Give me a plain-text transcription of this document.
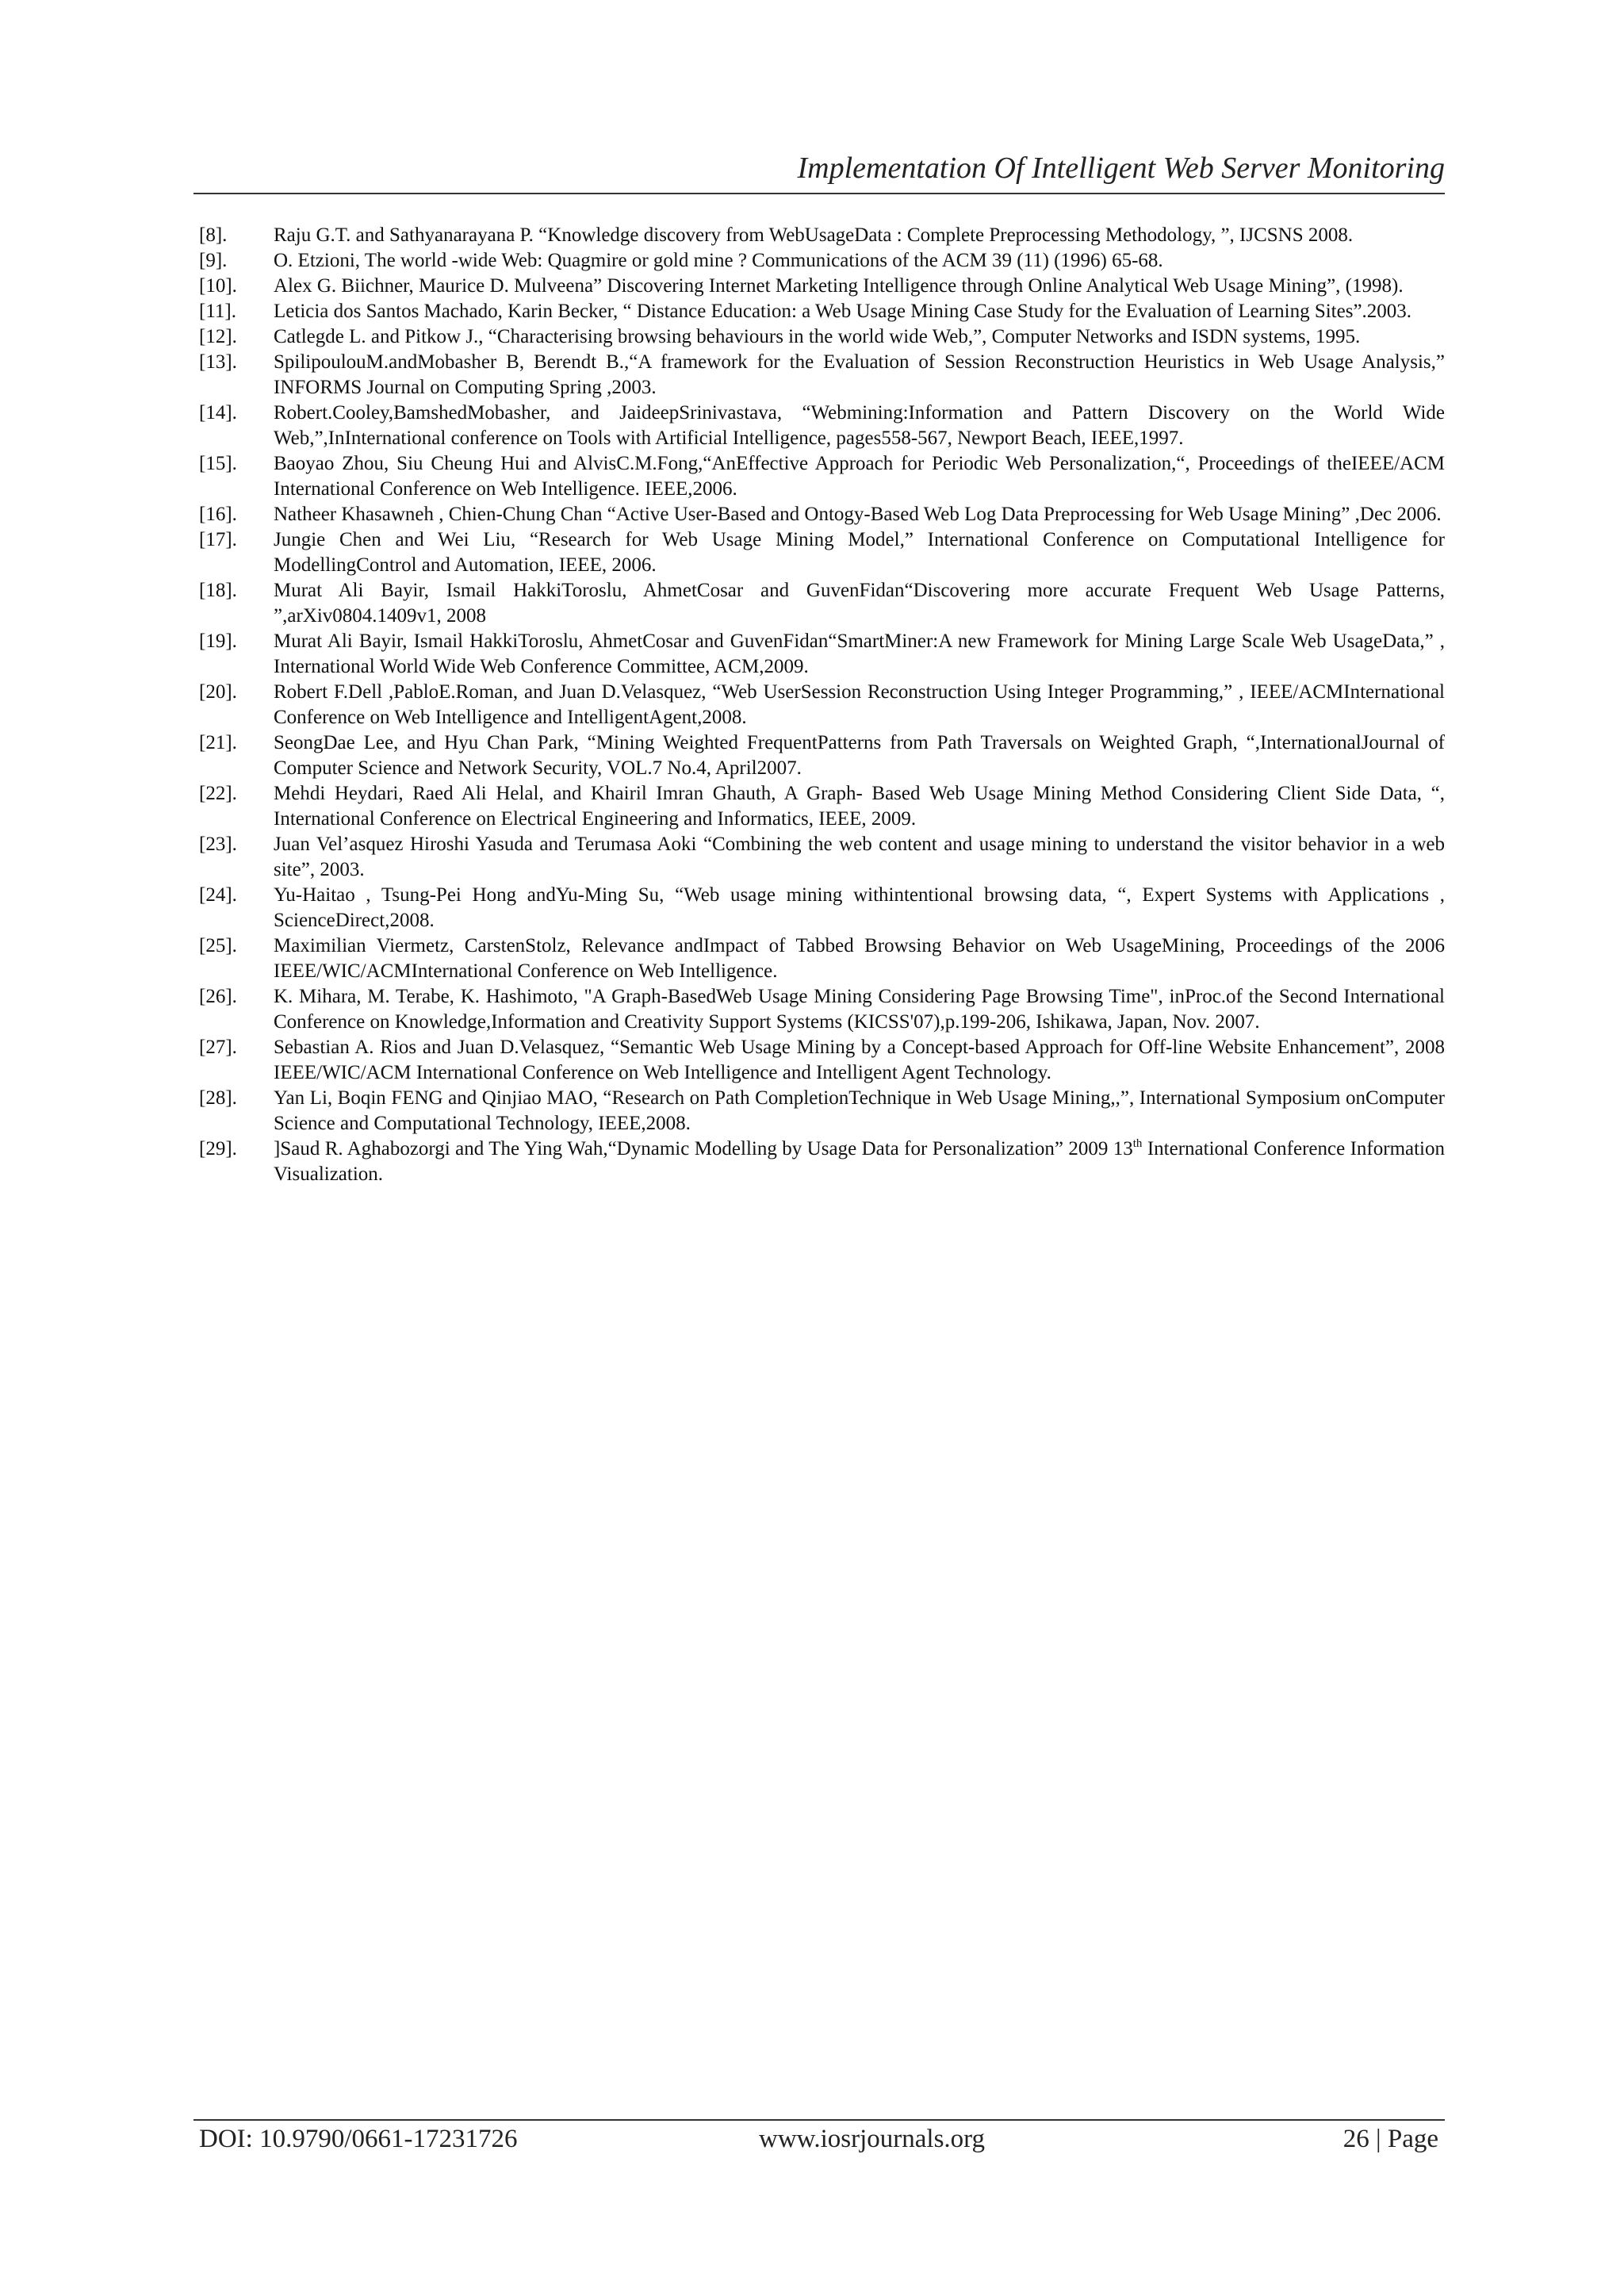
Implementation Of Intelligent Web Server Monitoring
[8].	Raju G.T. and Sathyanarayana P. “Knowledge discovery from WebUsageData : Complete Preprocessing Methodology, ”, IJCSNS 2008.
[9].	O. Etzioni, The world -wide Web: Quagmire or gold mine ? Communications of the ACM 39 (11) (1996) 65-68.
[10].	Alex G. Biichner, Maurice D. Mulveena” Discovering Internet Marketing Intelligence through Online Analytical Web Usage Mining”, (1998).
[11].	Leticia dos Santos Machado, Karin Becker, “ Distance Education: a Web Usage Mining Case Study for the Evaluation of Learning Sites”.2003.
[12].	Catlegde L. and Pitkow J., “Characterising browsing behaviours in the world wide Web,”, Computer Networks and ISDN systems, 1995.
[13].	SpilipoulouM.andMobasher B, Berendt B.,“A framework for the Evaluation of Session Reconstruction Heuristics in Web Usage Analysis,” INFORMS Journal on Computing Spring ,2003.
[14].	Robert.Cooley,BamshedMobasher, and JaideepSrinivastava, “Webmining:Information and Pattern Discovery on the World Wide Web,”,InInternational conference on Tools with Artificial Intelligence, pages558-567, Newport Beach, IEEE,1997.
[15].	Baoyao Zhou, Siu Cheung Hui and AlvisC.M.Fong,“AnEffective Approach for Periodic Web Personalization,“, Proceedings of theIEEE/ACM International Conference on Web Intelligence. IEEE,2006.
[16].	Natheer Khasawneh , Chien-Chung Chan “Active User-Based and Ontogy-Based Web Log Data Preprocessing for Web Usage Mining” ,Dec 2006.
[17].	Jungie Chen and Wei Liu, “Research for Web Usage Mining Model,” International Conference on Computational Intelligence for ModellingControl and Automation, IEEE, 2006.
[18].	Murat Ali Bayir, Ismail HakkiToroslu, AhmetCosar and GuvenFidan“Discovering more accurate Frequent Web Usage Patterns, ”,arXiv0804.1409v1, 2008
[19].	Murat Ali Bayir, Ismail HakkiToroslu, AhmetCosar and GuvenFidan“SmartMiner:A new Framework for Mining Large Scale Web UsageData,” , International World Wide Web Conference Committee, ACM,2009.
[20].	Robert F.Dell ,PabloE.Roman, and Juan D.Velasquez, “Web UserSession Reconstruction Using Integer Programming,” , IEEE/ACMInternational Conference on Web Intelligence and IntelligentAgent,2008.
[21].	SeongDae Lee, and Hyu Chan Park, “Mining Weighted FrequentPatterns from Path Traversals on Weighted Graph, “,InternationalJournal of Computer Science and Network Security, VOL.7 No.4, April2007.
[22].	Mehdi Heydari, Raed Ali Helal, and Khairil Imran Ghauth, A Graph- Based Web Usage Mining Method Considering Client Side Data, “, International Conference on Electrical Engineering and Informatics, IEEE, 2009.
[23].	Juan Vel’asquez Hiroshi Yasuda and Terumasa Aoki “Combining the web content and usage mining to understand the visitor behavior in a web site”, 2003.
[24].	Yu-Haitao , Tsung-Pei Hong andYu-Ming Su, “Web usage mining withintentional browsing data, “, Expert Systems with Applications , ScienceDirect,2008.
[25].	Maximilian Viermetz, CarstenStolz, Relevance andImpact of Tabbed Browsing Behavior on Web UsageMining, Proceedings of the 2006 IEEE/WIC/ACMInternational Conference on Web Intelligence.
[26].	K. Mihara, M. Terabe, K. Hashimoto, "A Graph-BasedWeb Usage Mining Considering Page Browsing Time", inProc.of the Second International Conference on Knowledge,Information and Creativity Support Systems (KICSS'07),p.199-206, Ishikawa, Japan, Nov. 2007.
[27].	Sebastian A. Rios and Juan D.Velasquez, “Semantic Web Usage Mining by a Concept-based Approach for Off-line Website Enhancement”, 2008 IEEE/WIC/ACM International Conference on Web Intelligence and Intelligent Agent Technology.
[28].	Yan Li, Boqin FENG and Qinjiao MAO, “Research on Path CompletionTechnique in Web Usage Mining,,”, International Symposium onComputer Science and Computational Technology, IEEE,2008.
[29].	]Saud R. Aghabozorgi and The Ying Wah,“Dynamic Modelling by Usage Data for Personalization” 2009 13th International Conference Information Visualization.
DOI: 10.9790/0661-17231726	www.iosrjournals.org	26 | Page
